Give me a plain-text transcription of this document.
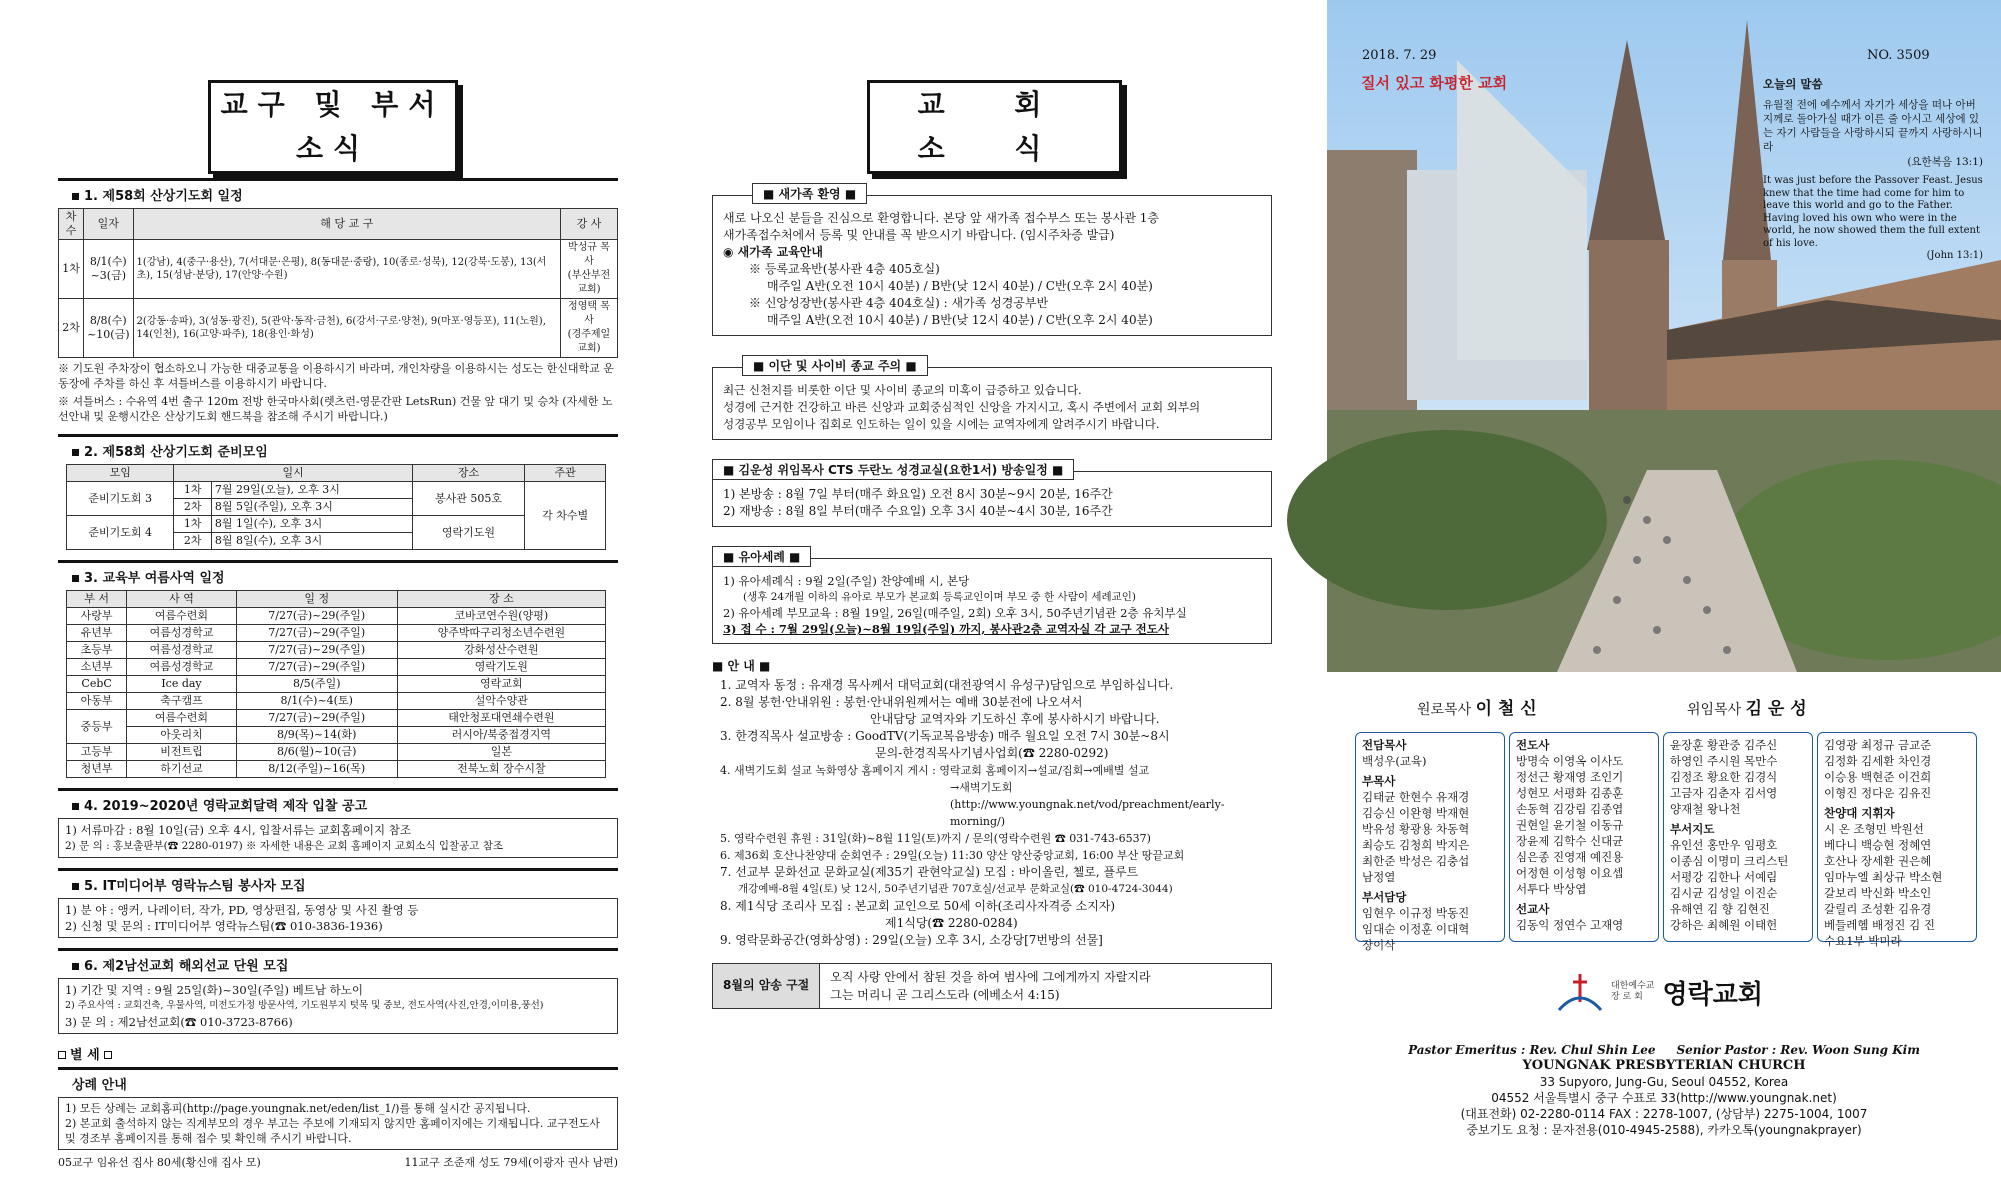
교구 및 부서소식
1. 제58회 산상기도회 일정
차수	일자	해 당 교 구	강 사
1차	8/1(수)
~3(금)	1(강남), 4(중구·용산), 7(서대문·은평), 8(동대문·중랑), 10(종로·성북), 12(강북·도봉), 13(서초), 15(성남·분당), 17(안양·수원)	박성규 목사
(부산부전교회)
2차	8/8(수)
~10(금)	2(강동·송파), 3(성동·광진), 5(관악·동작·금천), 6(강서·구로·양천), 9(마포·영등포), 11(노원), 14(인천), 16(고양·파주), 18(용인·화성)	정영택 목사
(경주제일교회)
※ 기도원 주차장이 협소하오니 가능한 대중교통을 이용하시기 바라며, 개인차량을 이용하시는 성도는 한신대학교 운동장에 주차를 하신 후 셔틀버스를 이용하시기 바랍니다.
※ 셔틀버스 : 수유역 4번 출구 120m 전방 한국마사회(렛츠런-영문간판 LetsRun) 건물 앞 대기 및 승차 (자세한 노선안내 및 운행시간은 산상기도회 핸드북을 참조해 주시기 바랍니다.)
2. 제58회 산상기도회 준비모임
모임	일시		장소	주관
준비기도회 3	1차	7월 29일(오늘), 오후 3시	봉사관 505호	각 차수별
	2차	8월 5일(주일), 오후 3시		
준비기도회 4	1차	8월 1일(수), 오후 3시	영락기도원	
	2차	8월 8일(수), 오후 3시		
3. 교육부 여름사역 일정
부 서	사 역	일 정	장 소
사랑부	여름수련회	7/27(금)~29(주일)	코바코연수원(양평)
유년부	여름성경학교	7/27(금)~29(주일)	양주박따구리청소년수련원
초등부	여름성경학교	7/27(금)~29(주일)	강화성산수련원
소년부	여름성경학교	7/27(금)~29(주일)	영락기도원
CebC	Ice day	8/5(주일)	영락교회
아동부	축구캠프	8/1(수)~4(토)	설악수양관
중등부	여름수련회	7/27(금)~29(주일)	태안청포대연쇄수련원
	아웃리치	8/9(목)~14(화)	러시아/북중접경지역
고등부	비전트립	8/6(월)~10(금)	일본
청년부	하기선교	8/12(주일)~16(목)	전북노회 장수시찰
4. 2019~2020년 영락교회달력 제작 입찰 공고
1) 서류마감 : 8월 10일(금) 오후 4시, 입찰서류는 교회홈페이지 참조
2) 문 의 : 홍보출판부(☎ 2280-0197) ※ 자세한 내용은 교회 홈페이지 교회소식 입찰공고 참조
5. IT미디어부 영락뉴스팀 봉사자 모집
1) 분 야 : 앵커, 나레이터, 작가, PD, 영상편집, 동영상 및 사진 촬영 등
2) 신청 및 문의 : IT미디어부 영락뉴스팀(☎ 010-3836-1936)
6. 제2남선교회 해외선교 단원 모집
1) 기간 및 지역 : 9월 25일(화)~30일(주일) 베트남 하노이
2) 주요사역 : 교회건축, 우물사역, 미전도가정 방문사역, 기도원부지 텃목 및 중보, 전도사역(사진,안경,이미용,풍선)
3) 문 의 : 제2남선교회(☎ 010-3723-8766)
별 세
상례 안내
1) 모든 상례는 교회홈피(http://page.youngnak.net/eden/list_1/)를 통해 실시간 공지됩니다.
2) 본교회 출석하지 않는 직계부모의 경우 부고는 주보에 기재되지 않지만 홈페이지에는 기재됩니다. 교구전도사 및 경조부 홈페이지를 통해 접수 및 확인해 주시기 바랍니다.
05교구 임유선 집사 80세(황신애 집사 모)	11교구 조준재 성도 79세(이광자 권사 남편)
교 회 소 식
■ 새가족 환영 ■
새로 나오신 분들을 진심으로 환영합니다. 본당 앞 새가족 접수부스 또는 봉사관 1층
새가족접수처에서 등록 및 안내를 꼭 받으시기 바랍니다. (임시주차증 발급)
◉ 새가족 교육안내
※ 등록교육반(봉사관 4층 405호실)
매주일 A반(오전 10시 40분) / B반(낮 12시 40분) / C반(오후 2시 40분)
※ 신앙성장반(봉사관 4층 404호실) : 새가족 성경공부반
매주일 A반(오전 10시 40분) / B반(낮 12시 40분) / C반(오후 2시 40분)
■ 이단 및 사이비 종교 주의 ■
최근 신천지를 비롯한 이단 및 사이비 종교의 미혹이 급증하고 있습니다.
성경에 근거한 건강하고 바른 신앙과 교회중심적인 신앙을 가지시고, 혹시 주변에서 교회 외부의
성경공부 모임이나 집회로 인도하는 일이 있을 시에는 교역자에게 알려주시기 바랍니다.
■ 김운성 위임목사 CTS 두란노 성경교실(요한1서) 방송일정 ■
1) 본방송 : 8월 7일 부터(매주 화요일) 오전 8시 30분~9시 20분, 16주간
2) 재방송 : 8월 8일 부터(매주 수요일) 오후 3시 40분~4시 30분, 16주간
■ 유아세례 ■
1) 유아세례식 : 9월 2일(주일) 찬양예배 시, 본당
(생후 24개월 이하의 유아로 부모가 본교회 등록교인이며 부모 중 한 사람이 세례교인)
2) 유아세례 부모교육 : 8월 19일, 26일(매주일, 2회) 오후 3시, 50주년기념관 2층 유치부실
3) 접 수 : 7월 29일(오늘)~8월 19일(주일) 까지, 봉사관2층 교역자실 각 교구 전도사
■ 안 내 ■
1. 교역자 동정 : 유재경 목사께서 대덕교회(대전광역시 유성구)담임으로 부임하십니다.
2. 8월 봉헌·안내위원 : 봉헌·안내위원께서는 예배 30분전에 나오셔서
안내담당 교역자와 기도하신 후에 봉사하시기 바랍니다.
3. 한경직목사 설교방송 : GoodTV(기독교복음방송) 매주 월요일 오전 7시 30분~8시
문의-한경직목사기념사업회(☎ 2280-0292)
4. 새벽기도회 설교 녹화영상 홈페이지 게시 : 영락교회 홈페이지→설교/집회→예배별 설교
→새벽기도회(http://www.youngnak.net/vod/preachment/early-morning/)
5. 영락수련원 휴원 : 31일(화)~8월 11일(토)까지 / 문의(영락수련원 ☎ 031-743-6537)
6. 제36회 호산나찬양대 순회연주 : 29일(오늘) 11:30 양산 양산중앙교회, 16:00 부산 땅끝교회
7. 선교부 문화선교 문화교실(제35기 관현악교실) 모집 : 바이올린, 첼로, 플루트
개강예배-8월 4일(토) 낮 12시, 50주년기념관 707호실/선교부 문화교실(☎ 010-4724-3044)
8. 제1식당 조리사 모집 : 본교회 교인으로 50세 이하(조리사자격증 소지자)
제1식당(☎ 2280-0284)
9. 영락문화공간(영화상영) : 29일(오늘) 오후 3시, 소강당[7번방의 선물]
8월의 암송 구절
오직 사랑 안에서 참된 것을 하여 범사에 그에게까지 자랄지라
그는 머리니 곧 그리스도라 (에베소서 4:15)
2018. 7. 29	NO. 3509
질서 있고 화평한 교회	오늘의 말씀
유월절 전에 예수께서 자기가 세상을 떠나 아버지께로 돌아가실 때가 이른 줄 아시고 세상에 있는 자기 사람들을 사랑하시되 끝까지 사랑하시니라
(요한복음 13:1)
It was just before the Passover Feast. Jesus knew that the time had come for him to leave this world and go to the Father. Having loved his own who were in the world, he now showed them the full extent of his love.
(John 13:1)
원로목사 이 철 신	위임목사 김 운 성
전담목사
백성우(교육)
부목사
김태균 한현수 유재경
김승신 이완형 박재현
박유성 황광용 차동혁
최승도 김청희 박지은
최한준 박성은 김충섭
남정열
부서담당
임현우 이규정 박동진
임대순 이정훈 이대혁
장이삭
전도사
방명숙 이영옥 이사도
정선근 황재영 조인기
성현모 서평화 김종훈
손동혁 김강림 김종엽
권현일 윤기철 이동규
장윤제 김학수 신대균
심은종 진영재 예진용
어정현 이성형 이요셉
서투다 박상엽
선교사
김동익 정연수 고재영
윤장훈 황관중 김주신
하영인 주시원 목만수
김정조 황요한 김경식
고금자 김춘자 김서영
양재철 왕나천
부서지도
유인선 홍만우 임평호
이종심 이명미 크리스틴
서평강 김한나 서예림
김시균 김성일 이진순
유해연 김 향 김현진
강하은 최혜원 이태헌
김영광 최정규 금교준
김정화 김세환 차인경
이승용 백현준 이건희
이형진 정다운 김유진
찬양대 지휘자
시 온 조형민 박원선
베다니 백승현 정혜연
호산나 장세환 권은혜
임마누엘 최상규 박소현
갈보리 박신화 박소인
갈릴리 조성환 김유경
베들레헴 배정진 김 진
수요1부 박미라
대한예수교
장 로 회 영락교회
Pastor Emeritus : Rev. Chul Shin Lee     Senior Pastor : Rev. Woon Sung Kim
YOUNGNAK PRESBYTERIAN CHURCH
33 Supyoro, Jung-Gu, Seoul 04552, Korea
04552 서울특별시 중구 수표로 33(http://www.youngnak.net)
(대표전화) 02-2280-0114 FAX : 2278-1007, (상담부) 2275-1004, 1007
중보기도 요청 : 문자전용(010-4945-2588), 카카오톡(youngnakprayer)
